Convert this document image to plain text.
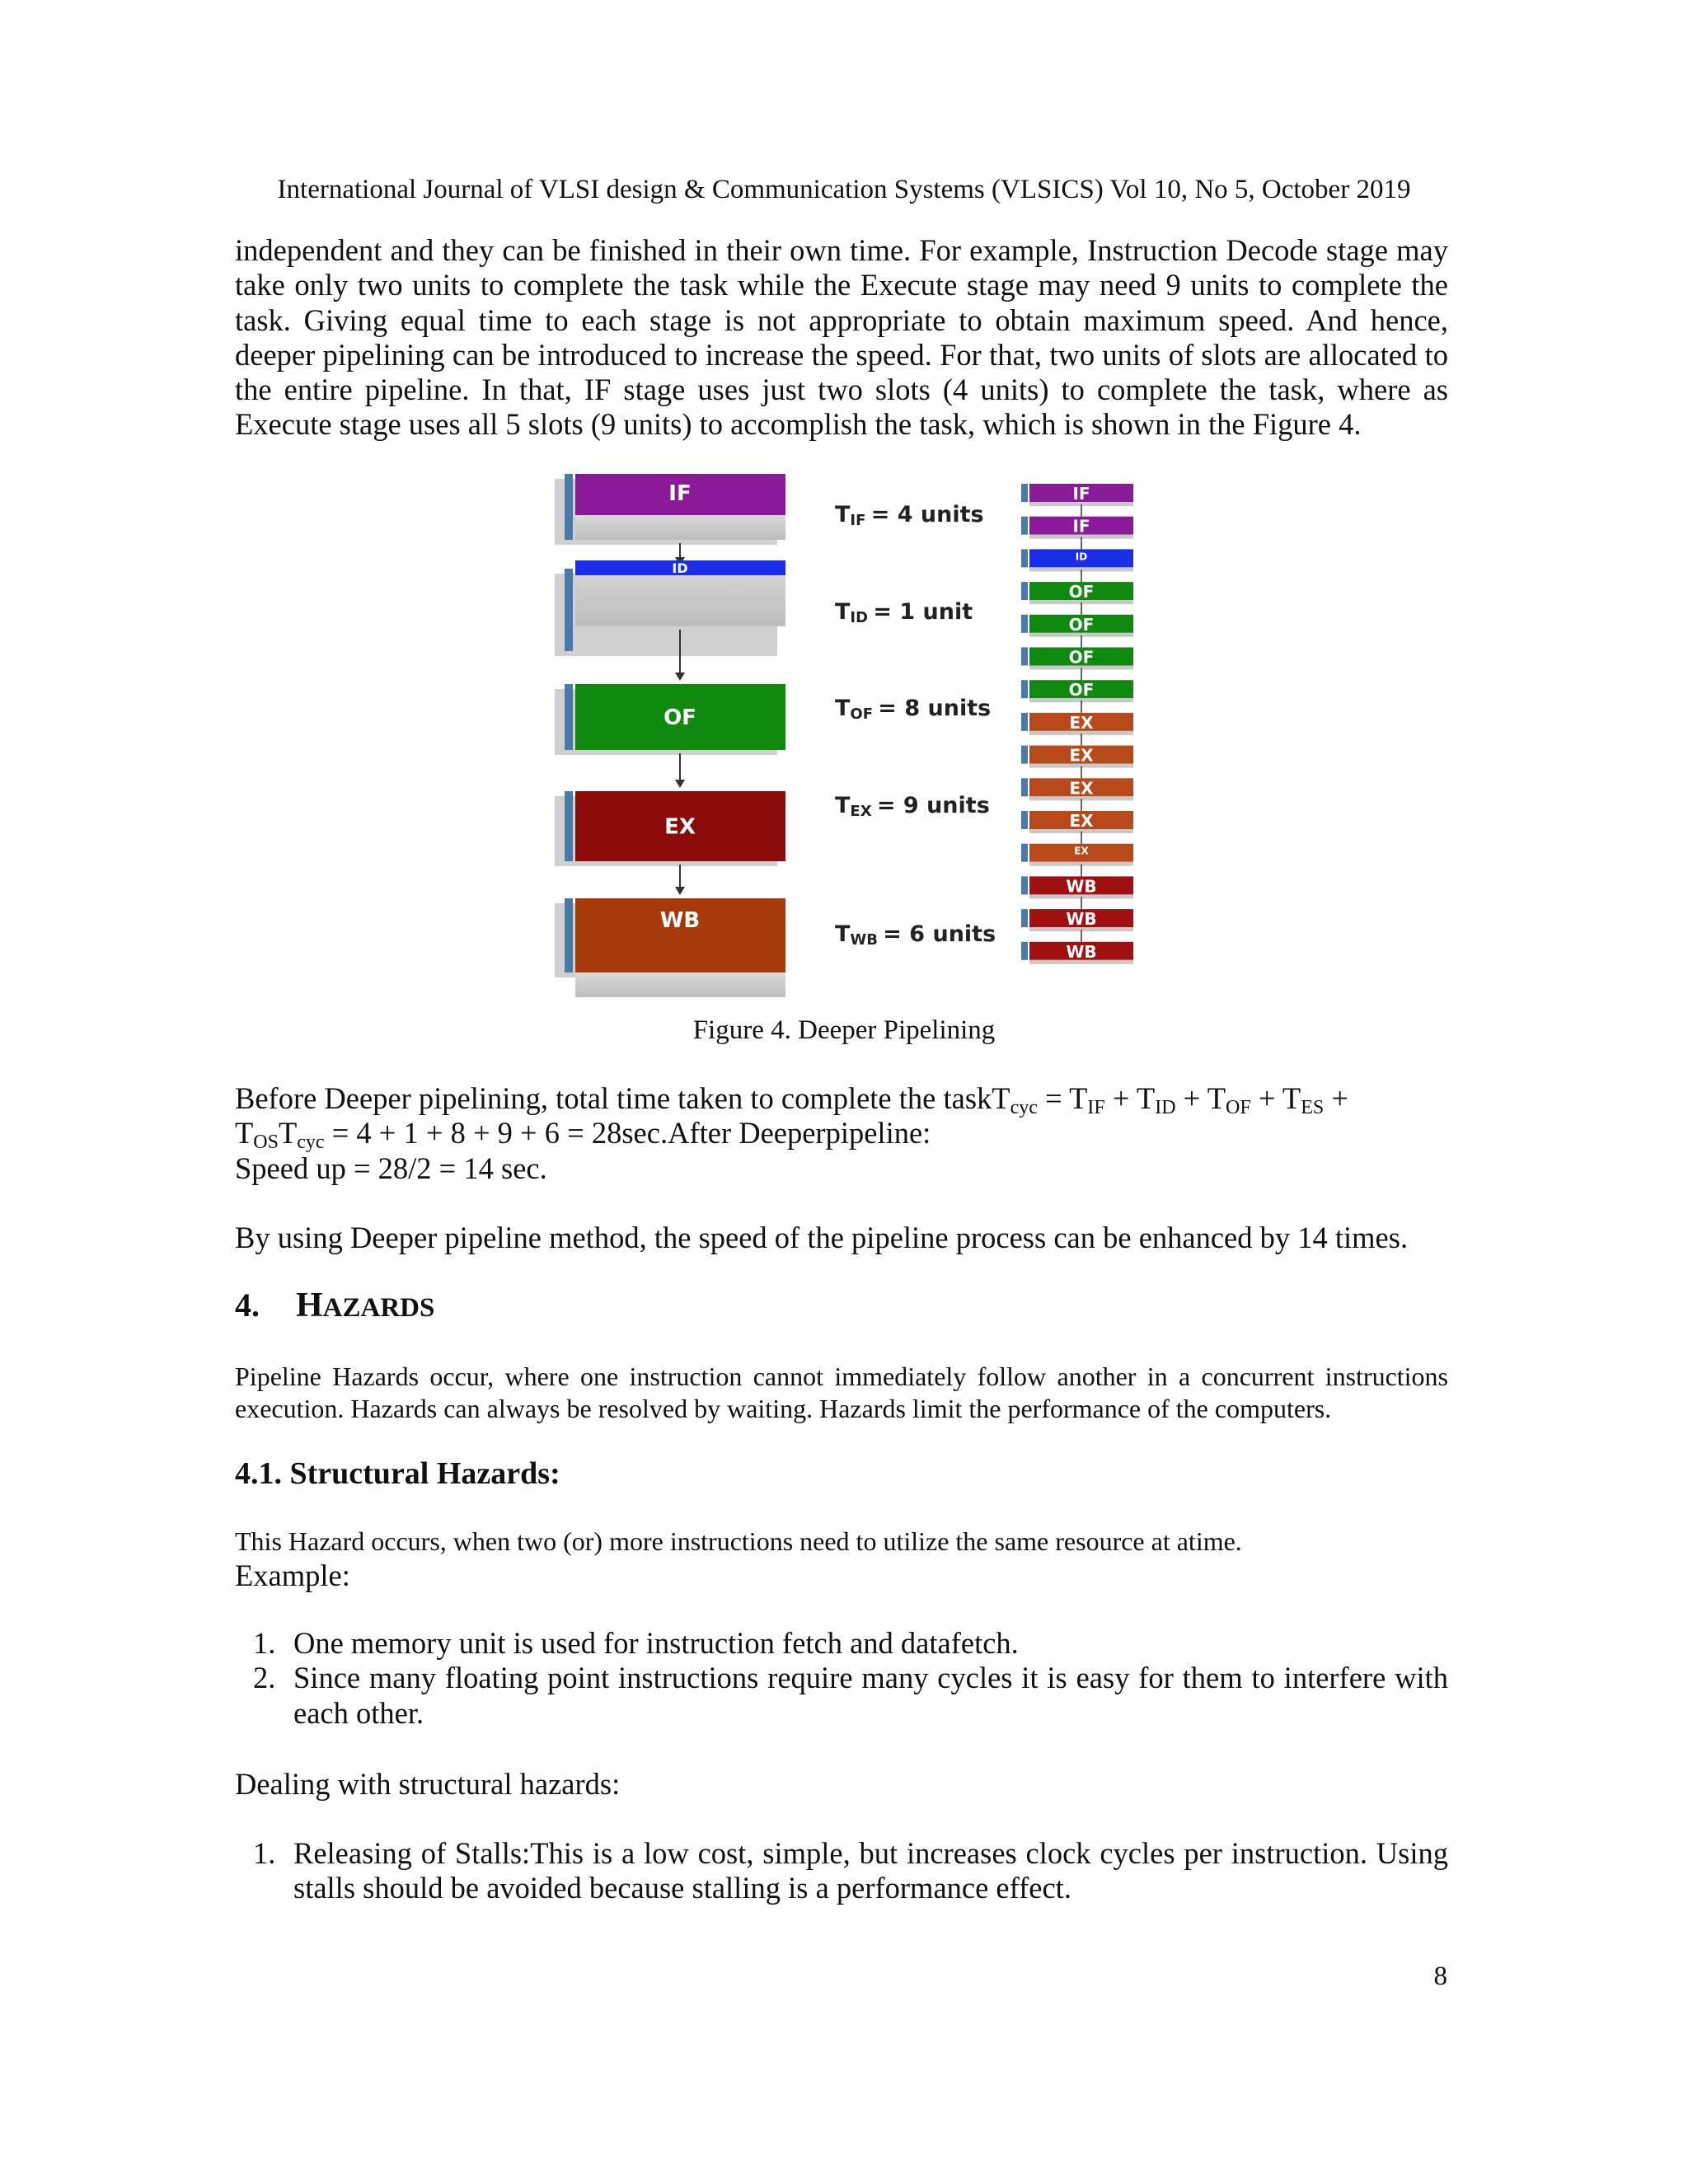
International Journal of VLSI design & Communication Systems (VLSICS) Vol 10, No 5, October 2019

independent and they can be finished in their own time. For example, Instruction Decode stage may take only two units to complete the task while the Execute stage may need 9 units to complete the task. Giving equal time to each stage is not appropriate to obtain maximum speed. And hence, deeper pipelining can be introduced to increase the speed. For that, two units of slots are allocated to the entire pipeline. In that, IF stage uses just two slots (4 units) to complete the task, where as Execute stage uses all 5 slots (9 units) to accomplish the task, which is shown in the Figure 4.

IF
ID
OF
EX
WB
TIF = 4 units
TID = 1 unit
TOF = 8 units
TEX = 9 units
TWB = 6 units
IF
IF
ID
OF
OF
OF
OF
EX
EX
EX
EX
EX
WB
WB
WB
Figure 4. Deeper Pipelining

Before Deeper pipelining, total time taken to complete the taskT$_{cyc}$ = $T_{IF} + T_{ID} + T_{OF} + T_{ES}$ +

$T_{OS}T_{cyc} = 4 + 1 + 8 + 9 + 6$ = 28sec.After Deeperpipeline:

Speed up = 28/2 = 14 sec.

By using Deeper pipeline method, the speed of the pipeline process can be enhanced by 14 times.

4. HAZARDS

Pipeline Hazards occur, where one instruction cannot immediately follow another in a concurrent instructions execution. Hazards can always be resolved by waiting. Hazards limit the performance of the computers.

4.1. Structural Hazards:

This Hazard occurs, when two (or) more instructions need to utilize the same resource at atime.

Example:
1. One memory unit is used for instruction fetch and datafetch.
2. Since many floating point instructions require many cycles it is easy for them to interfere with each other.
Dealing with structural hazards:
1. Releasing of Stalls:This is a low cost, simple, but increases clock cycles per instruction. Using stalls should be avoided because stalling is a performance effect.
8
